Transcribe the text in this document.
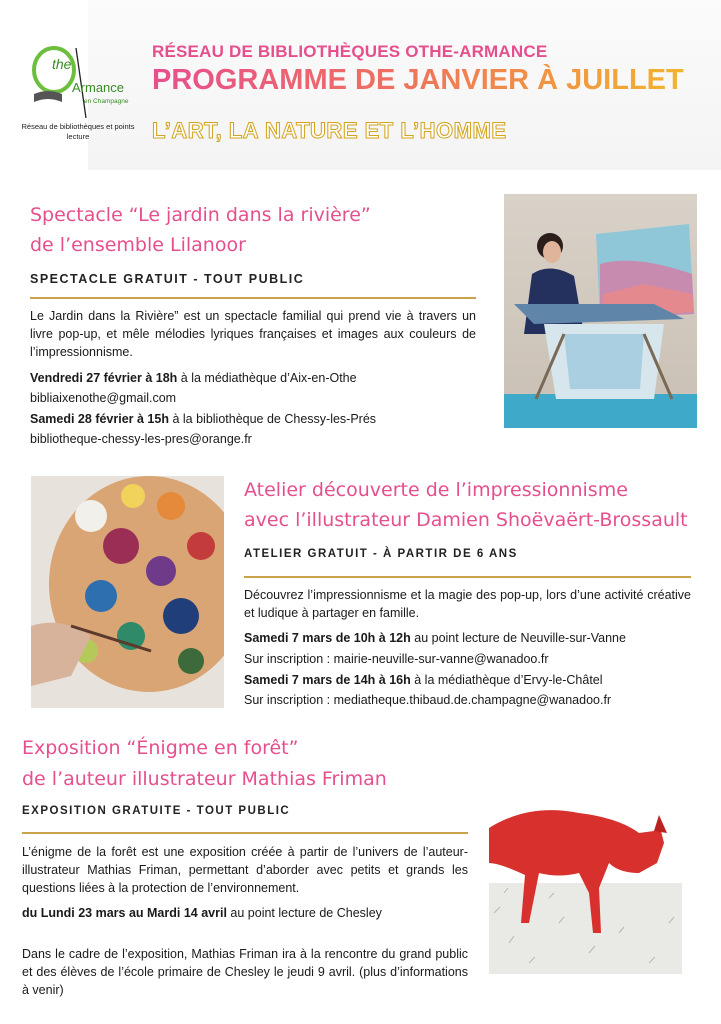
the
Armance
en Champagne
Réseau de bibliothèques et points lecture
RÉSEAU DE BIBLIOTHÈQUES OTHE-ARMANCE
PROGRAMME DE JANVIER À JUILLET
L’ART, LA NATURE ET L’HOMME
Spectacle “Le jardin dans la rivière”
de l’ensemble Lilanoor
SPECTACLE GRATUIT - TOUT PUBLIC
Le Jardin dans la Rivière” est un spectacle familial qui prend vie à travers un livre pop-up, et mêle mélodies lyriques françaises et images aux couleurs de l’impressionnisme.
Vendredi 27 février à 18h à la médiathèque d’Aix-en-Othe
bibliaixenothe@gmail.com
Samedi 28 février à 15h à la bibliothèque de Chessy-les-Prés
bibliotheque-chessy-les-pres@orange.fr
Atelier découverte de l’impressionnisme
avec l’illustrateur Damien Shoëvaërt-Brossault
ATELIER GRATUIT - À PARTIR DE 6 ANS
Découvrez l’impressionnisme et la magie des pop-up, lors d’une activité créative et ludique à partager en famille.
Samedi 7 mars de 10h à 12h au point lecture de Neuville-sur-Vanne
Sur inscription : mairie-neuville-sur-vanne@wanadoo.fr
Samedi 7 mars de 14h à 16h à la médiathèque d’Ervy-le-Châtel
Sur inscription : mediatheque.thibaud.de.champagne@wanadoo.fr
Exposition “Énigme en forêt”
de l’auteur illustrateur Mathias Friman
EXPOSITION GRATUITE - TOUT PUBLIC
L’énigme de la forêt est une exposition créée à partir de l’univers de l’auteur-illustrateur Mathias Friman, permettant d’aborder avec petits et grands les questions liées à la protection de l’environnement.
du Lundi 23 mars au Mardi 14 avril au point lecture de Chesley
Dans le cadre de l’exposition, Mathias Friman ira à la rencontre du grand public et des élèves de l’école primaire de Chesley le jeudi 9 avril. (plus d’informations à venir)
